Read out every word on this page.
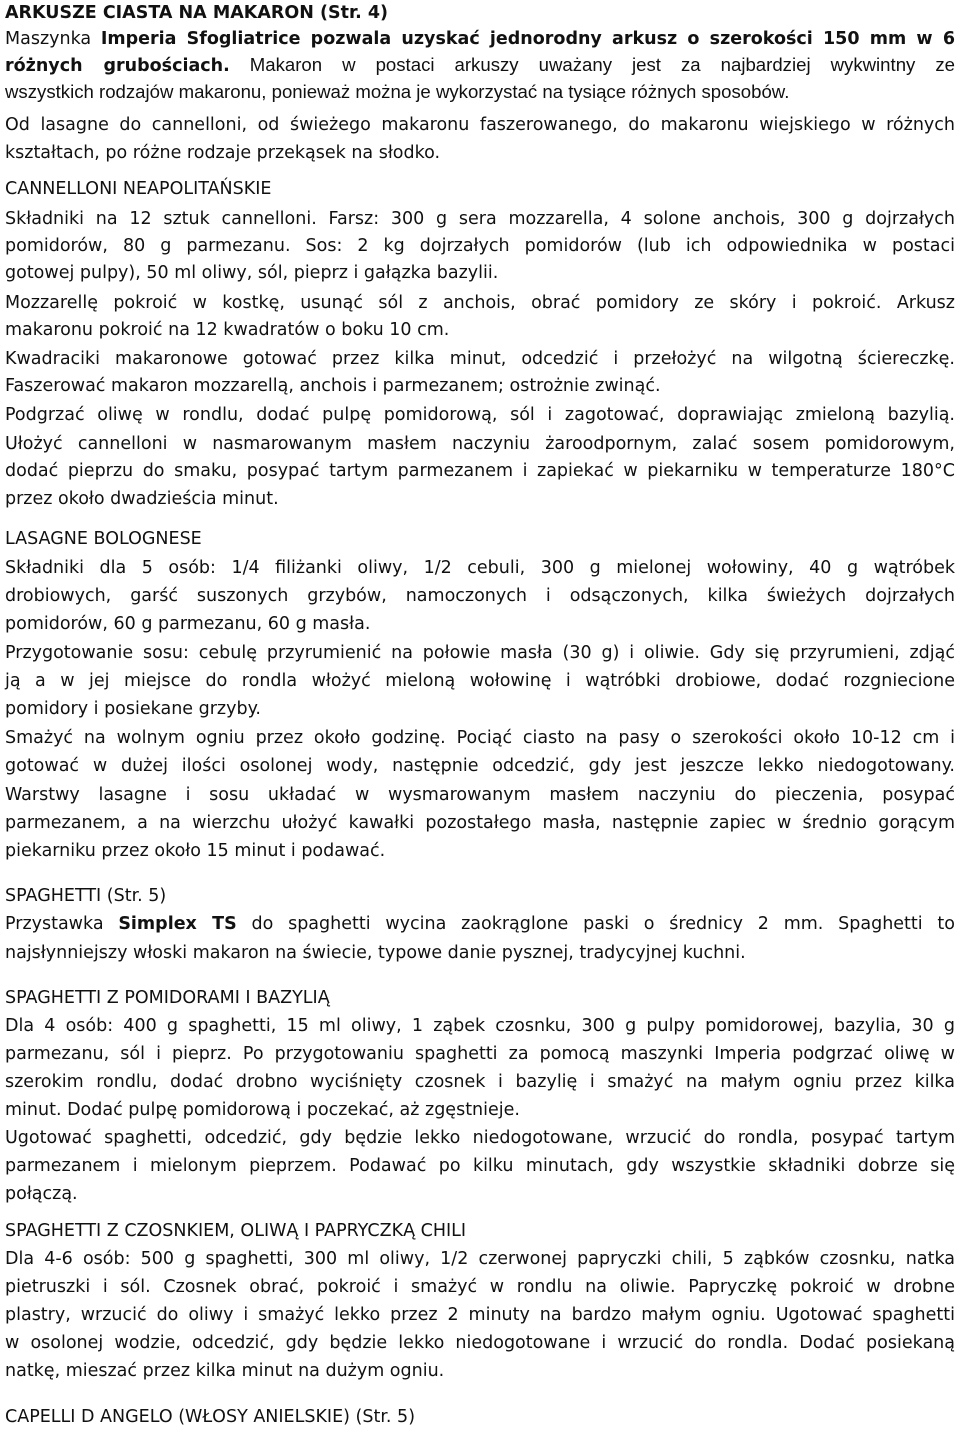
ARKUSZE CIASTA NA MAKARON (Str. 4)
Maszynka Imperia Sfogliatrice pozwala uzyskać jednorodny arkusz o szerokości 150 mm w 6
różnych grubościach. Makaron w postaci arkuszy uważany jest za najbardziej wykwintny ze
wszystkich rodzajów makaronu, ponieważ można je wykorzystać na tysiące różnych sposobów.
Od lasagne do cannelloni, od świeżego makaronu faszerowanego, do makaronu wiejskiego w różnych
kształtach, po różne rodzaje przekąsek na słodko.
CANNELLONI NEAPOLITAŃSKIE
Składniki na 12 sztuk cannelloni. Farsz: 300 g sera mozzarella, 4 solone anchois, 300 g dojrzałych
pomidorów, 80 g parmezanu. Sos: 2 kg dojrzałych pomidorów (lub ich odpowiednika w postaci
gotowej pulpy), 50 ml oliwy, sól, pieprz i gałązka bazylii.
Mozzarellę pokroić w kostkę, usunąć sól z anchois, obrać pomidory ze skóry i pokroić. Arkusz
makaronu pokroić na 12 kwadratów o boku 10 cm.
Kwadraciki makaronowe gotować przez kilka minut, odcedzić i przełożyć na wilgotną ściereczkę.
Faszerować makaron mozzarellą, anchois i parmezanem; ostrożnie zwinąć.
Podgrzać oliwę w rondlu, dodać pulpę pomidorową, sól i zagotować, doprawiając zmieloną bazylią.
Ułożyć cannelloni w nasmarowanym masłem naczyniu żaroodpornym, zalać sosem pomidorowym,
dodać pieprzu do smaku, posypać tartym parmezanem i zapiekać w piekarniku w temperaturze 180°C
przez około dwadzieścia minut.
LASAGNE BOLOGNESE
Składniki dla 5 osób: 1/4 filiżanki oliwy, 1/2 cebuli, 300 g mielonej wołowiny, 40 g wątróbek
drobiowych, garść suszonych grzybów, namoczonych i odsączonych, kilka świeżych dojrzałych
pomidorów, 60 g parmezanu, 60 g masła.
Przygotowanie sosu: cebulę przyrumienić na połowie masła (30 g) i oliwie. Gdy się przyrumieni, zdjąć
ją a w jej miejsce do rondla włożyć mieloną wołowinę i wątróbki drobiowe, dodać rozgniecione
pomidory i posiekane grzyby.
Smażyć na wolnym ogniu przez około godzinę. Pociąć ciasto na pasy o szerokości około 10-12 cm i
gotować w dużej ilości osolonej wody, następnie odcedzić, gdy jest jeszcze lekko niedogotowany.
Warstwy lasagne i sosu układać w wysmarowanym masłem naczyniu do pieczenia, posypać
parmezanem, a na wierzchu ułożyć kawałki pozostałego masła, następnie zapiec w średnio gorącym
piekarniku przez około 15 minut i podawać.
SPAGHETTI (Str. 5)
Przystawka Simplex TS do spaghetti wycina zaokrąglone paski o średnicy 2 mm. Spaghetti to
najsłynniejszy włoski makaron na świecie, typowe danie pysznej, tradycyjnej kuchni.
SPAGHETTI Z POMIDORAMI I BAZYLIĄ
Dla 4 osób: 400 g spaghetti, 15 ml oliwy, 1 ząbek czosnku, 300 g pulpy pomidorowej, bazylia, 30 g
parmezanu, sól i pieprz. Po przygotowaniu spaghetti za pomocą maszynki Imperia podgrzać oliwę w
szerokim rondlu, dodać drobno wyciśnięty czosnek i bazylię i smażyć na małym ogniu przez kilka
minut. Dodać pulpę pomidorową i poczekać, aż zgęstnieje.
Ugotować spaghetti, odcedzić, gdy będzie lekko niedogotowane, wrzucić do rondla, posypać tartym
parmezanem i mielonym pieprzem. Podawać po kilku minutach, gdy wszystkie składniki dobrze się
połączą.
SPAGHETTI Z CZOSNKIEM, OLIWĄ I PAPRYCZKĄ CHILI
Dla 4-6 osób: 500 g spaghetti, 300 ml oliwy, 1/2 czerwonej papryczki chili, 5 ząbków czosnku, natka
pietruszki i sól. Czosnek obrać, pokroić i smażyć w rondlu na oliwie. Papryczkę pokroić w drobne
plastry, wrzucić do oliwy i smażyć lekko przez 2 minuty na bardzo małym ogniu. Ugotować spaghetti
w osolonej wodzie, odcedzić, gdy będzie lekko niedogotowane i wrzucić do rondla. Dodać posiekaną
natkę, mieszać przez kilka minut na dużym ogniu.
CAPELLI D ANGELO (WŁOSY ANIELSKIE) (Str. 5)
